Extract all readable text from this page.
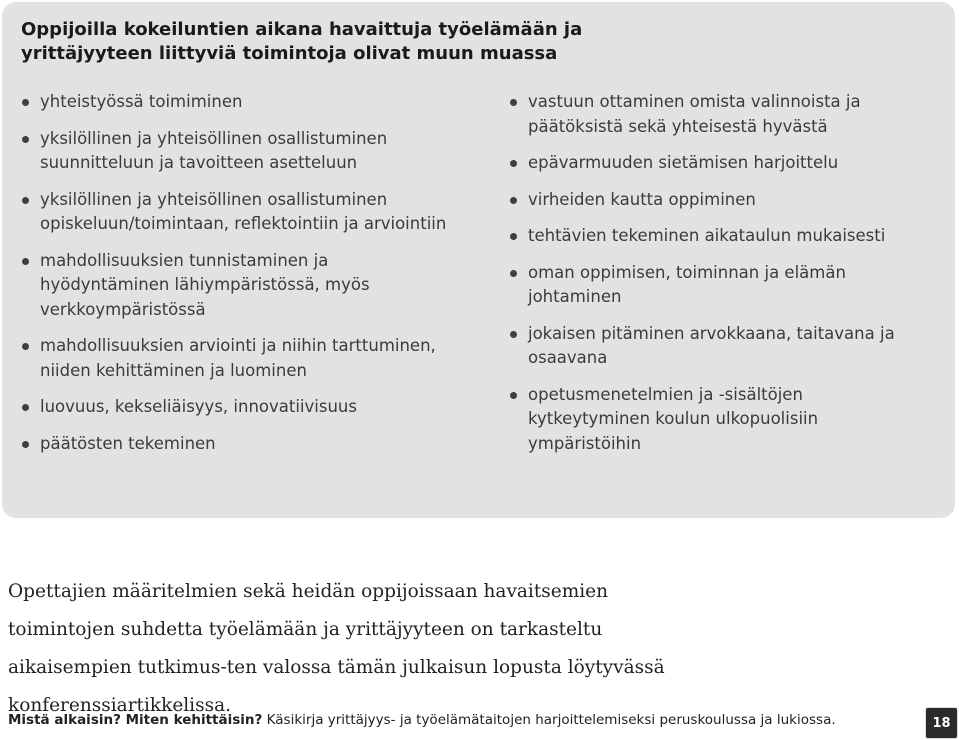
Oppijoilla kokeiluntien aikana havaittuja työelämään ja yrittäjyyteen liittyviä toimintoja olivat muun muassa
yhteistyössä toimiminen
yksilöllinen ja yhteisöllinen osallistuminen suunnitteluun ja tavoitteen asetteluun
yksilöllinen ja yhteisöllinen osallistuminen opiskeluun/toimintaan, reflektointiin ja arviointiin
mahdollisuuksien tunnistaminen ja hyödyntäminen lähiympäristössä, myös verkkoympäristössä
mahdollisuuksien arviointi ja niihin tarttuminen, niiden kehittäminen ja luominen
luovuus, kekseliäisyys, innovatiivisuus
päätösten tekeminen
vastuun ottaminen omista valinnoista ja päätöksistä sekä yhteisestä hyvästä
epävarmuuden sietämisen harjoittelu
virheiden kautta oppiminen
tehtävien tekeminen aikataulun mukaisesti
oman oppimisen, toiminnan ja elämän johtaminen
jokaisen pitäminen arvokkaana, taitavana ja osaavana
opetusmenetelmien ja -sisältöjen kytkeytyminen koulun ulkopuolisiin ympäristöihin

Opettajien määritelmien sekä heidän oppijoissaan havaitsemien toimintojen suhdetta työelämään ja yrittäjyyteen on tarkasteltu aikaisempien tutkimus-ten valossa tämän julkaisun lopusta löytyvässä konferenssiartikkelissa.

Mistä alkaisin? Miten kehittäisin? Käsikirja yrittäjyys- ja työelämätaitojen harjoittelemiseksi peruskoulussa ja lukiossa.	18
